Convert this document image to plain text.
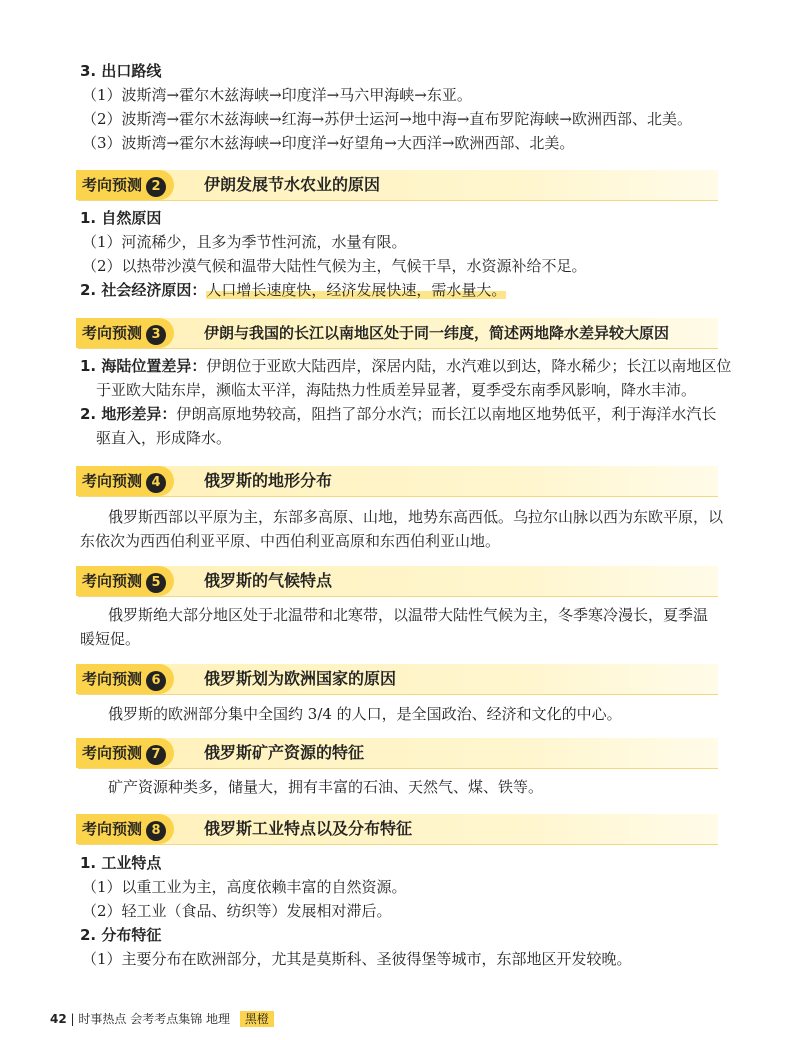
3. 出口路线
（1）波斯湾→霍尔木兹海峡→印度洋→马六甲海峡→东亚。
（2）波斯湾→霍尔木兹海峡→红海→苏伊士运河→地中海→直布罗陀海峡→欧洲西部、北美。
（3）波斯湾→霍尔木兹海峡→印度洋→好望角→大西洋→欧洲西部、北美。
考向预测 2	伊朗发展节水农业的原因
1. 自然原因
（1）河流稀少，且多为季节性河流，水量有限。
（2）以热带沙漠气候和温带大陆性气候为主，气候干旱，水资源补给不足。
2. 社会经济原因：人口增长速度快，经济发展快速，需水量大。
考向预测 3	伊朗与我国的长江以南地区处于同一纬度，简述两地降水差异较大原因
1. 海陆位置差异：伊朗位于亚欧大陆西岸，深居内陆，水汽难以到达，降水稀少；长江以南地区位
于亚欧大陆东岸，濒临太平洋，海陆热力性质差异显著，夏季受东南季风影响，降水丰沛。
2. 地形差异：伊朗高原地势较高，阻挡了部分水汽；而长江以南地区地势低平，利于海洋水汽长
驱直入，形成降水。
考向预测 4	俄罗斯的地形分布
俄罗斯西部以平原为主，东部多高原、山地，地势东高西低。乌拉尔山脉以西为东欧平原，以
东依次为西西伯利亚平原、中西伯利亚高原和东西伯利亚山地。
考向预测 5	俄罗斯的气候特点
俄罗斯绝大部分地区处于北温带和北寒带，以温带大陆性气候为主，冬季寒冷漫长，夏季温
暖短促。
考向预测 6	俄罗斯划为欧洲国家的原因
俄罗斯的欧洲部分集中全国约 3/4 的人口，是全国政治、经济和文化的中心。
考向预测 7	俄罗斯矿产资源的特征
矿产资源种类多，储量大，拥有丰富的石油、天然气、煤、铁等。
考向预测 8	俄罗斯工业特点以及分布特征
1. 工业特点
（1）以重工业为主，高度依赖丰富的自然资源。
（2）轻工业（食品、纺织等）发展相对滞后。
2. 分布特征
（1）主要分布在欧洲部分，尤其是莫斯科、圣彼得堡等城市，东部地区开发较晚。
42 | 时事热点 会考考点集锦 地理 黑橙
